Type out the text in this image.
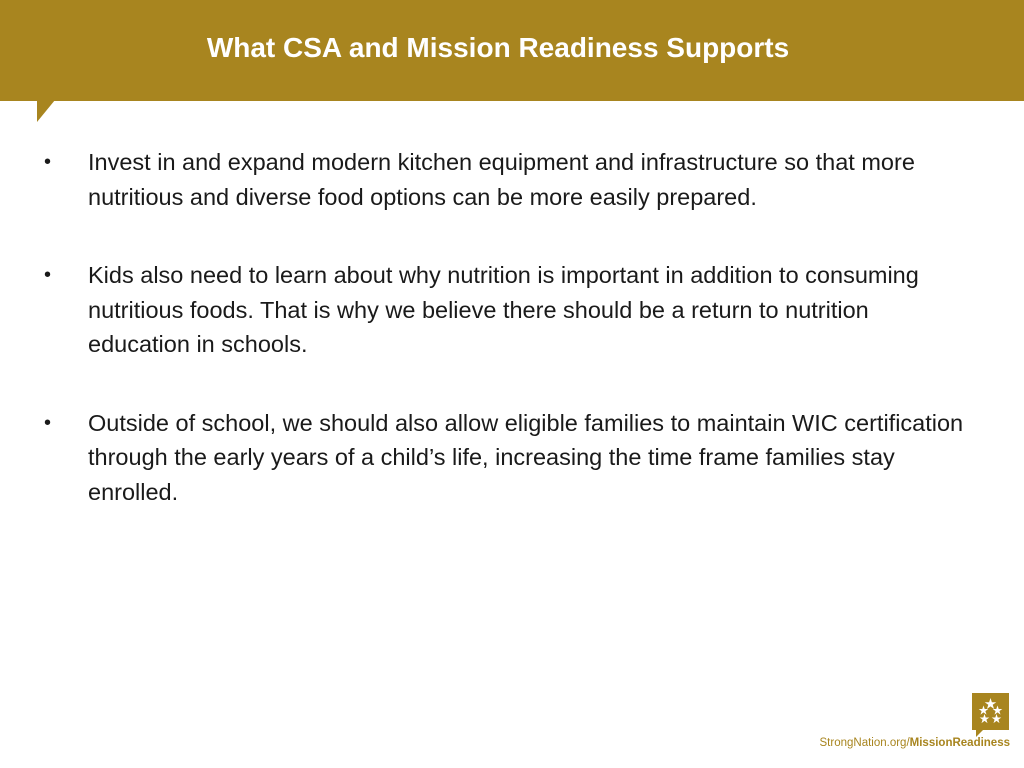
What CSA and Mission Readiness Supports
• Invest in and expand modern kitchen equipment and infrastructure so that more nutritious and diverse food options can be more easily prepared.
• Kids also need to learn about why nutrition is important in addition to consuming nutritious foods. That is why we believe there should be a return to nutrition education in schools.
• Outside of school, we should also allow eligible families to maintain WIC certification through the early years of a child’s life, increasing the time frame families stay enrolled.
StrongNation.org/MissionReadiness
